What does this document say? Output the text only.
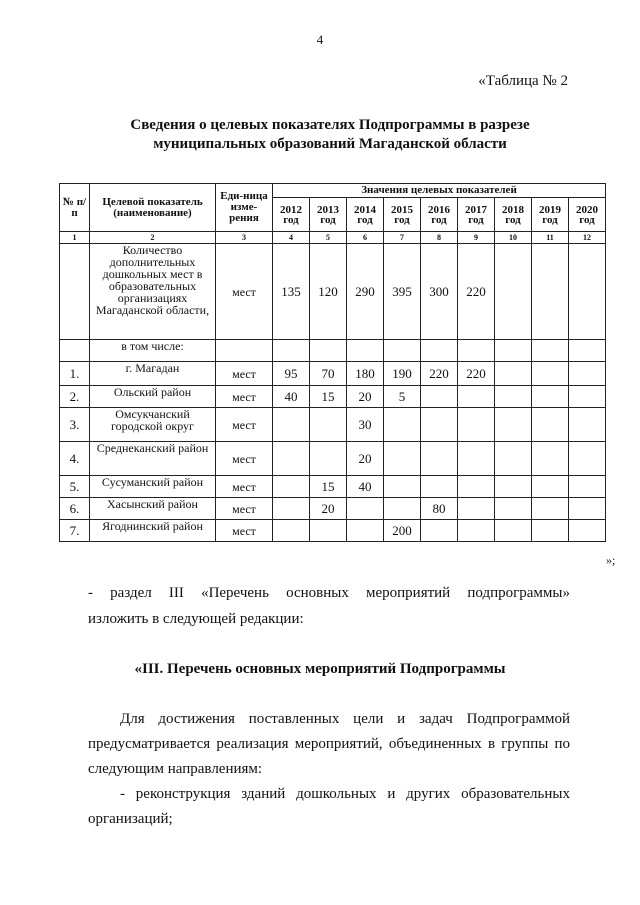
4
«Таблица № 2
Сведения о целевых показателях Подпрограммы в разрезе
муниципальных образований Магаданской области
№ п/п	Целевой показатель (наименование)	Еди-ница изме-рения	Значения целевых показателей								
			2012 год	2013 год	2014 год	2015 год	2016 год	2017 год	2018 год	2019 год	2020 год
1	2	3	4	5	6	7	8	9	10	11	12
	Количество дополнительных дошкольных мест в образовательных организациях Магаданской области,	мест	135	120	290	395	300	220			
	в том числе:										
1.	г. Магадан	мест	95	70	180	190	220	220			
2.	Ольский район	мест	40	15	20	5					
3.	Омсукчанский городской округ	мест			30						
4.	Среднеканский район	мест			20						
5.	Сусуманский район	мест		15	40						
6.	Хасынский район	мест		20			80				
7.	Ягоднинский район	мест				200					
»;

- раздел III «Перечень основных мероприятий подпрограммы»

изложить в следующей редакции:

«III. Перечень основных мероприятий Подпрограммы

Для достижения поставленных цели и задач Подпрограммой
предусматривается реализация мероприятий, объединенных в группы по
следующим направлениям:
- реконструкция зданий дошкольных и других образовательных
организаций;
